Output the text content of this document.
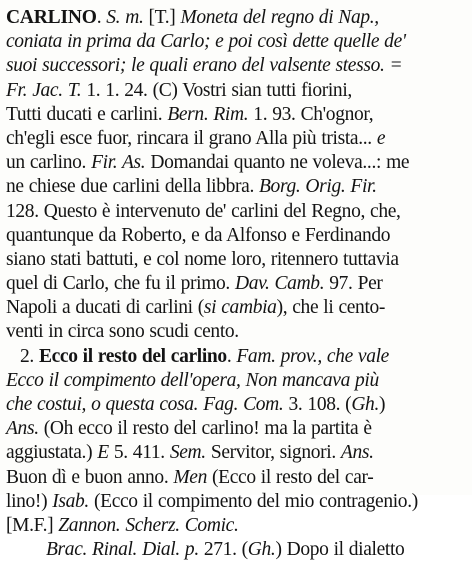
CARLINO. S. m. [T.] Moneta del regno di Nap.,
coniata in prima da Carlo; e poi così dette quelle de'
suoi successori; le quali erano del valsente stesso. =
Fr. Jac. T. 1. 1. 24. (C) Vostri sian tutti fiorini,
Tutti ducati e carlini. Bern. Rim. 1. 93. Ch'ognor,
ch'egli esce fuor, rincara il grano Alla più trista... e
un carlino. Fir. As. Domandai quanto ne voleva...: me
ne chiese due carlini della libbra. Borg. Orig. Fir.
128. Questo è intervenuto de' carlini del Regno, che,
quantunque da Roberto, e da Alfonso e Ferdinando
siano stati battuti, e col nome loro, ritennero tuttavia
quel di Carlo, che fu il primo. Dav. Camb. 97. Per
Napoli a ducati di carlini (si cambia), che li cento-
venti in circa sono scudi cento.
2. Ecco il resto del carlino. Fam. prov., che vale
Ecco il compimento dell'opera, Non mancava più
che costui, o questa cosa. Fag. Com. 3. 108. (Gh.)
Ans. (Oh ecco il resto del carlino! ma la partita è
aggiustata.) E 5. 411. Sem. Servitor, signori. Ans.
Buon dì e buon anno. Men (Ecco il resto del car-
lino!) Isab. (Ecco il compimento del mio contragenio.)
[M.F.] Zannon. Scherz. Comic.
Brac. Rinal. Dial. p. 271. (Gh.) Dopo il dialetto
